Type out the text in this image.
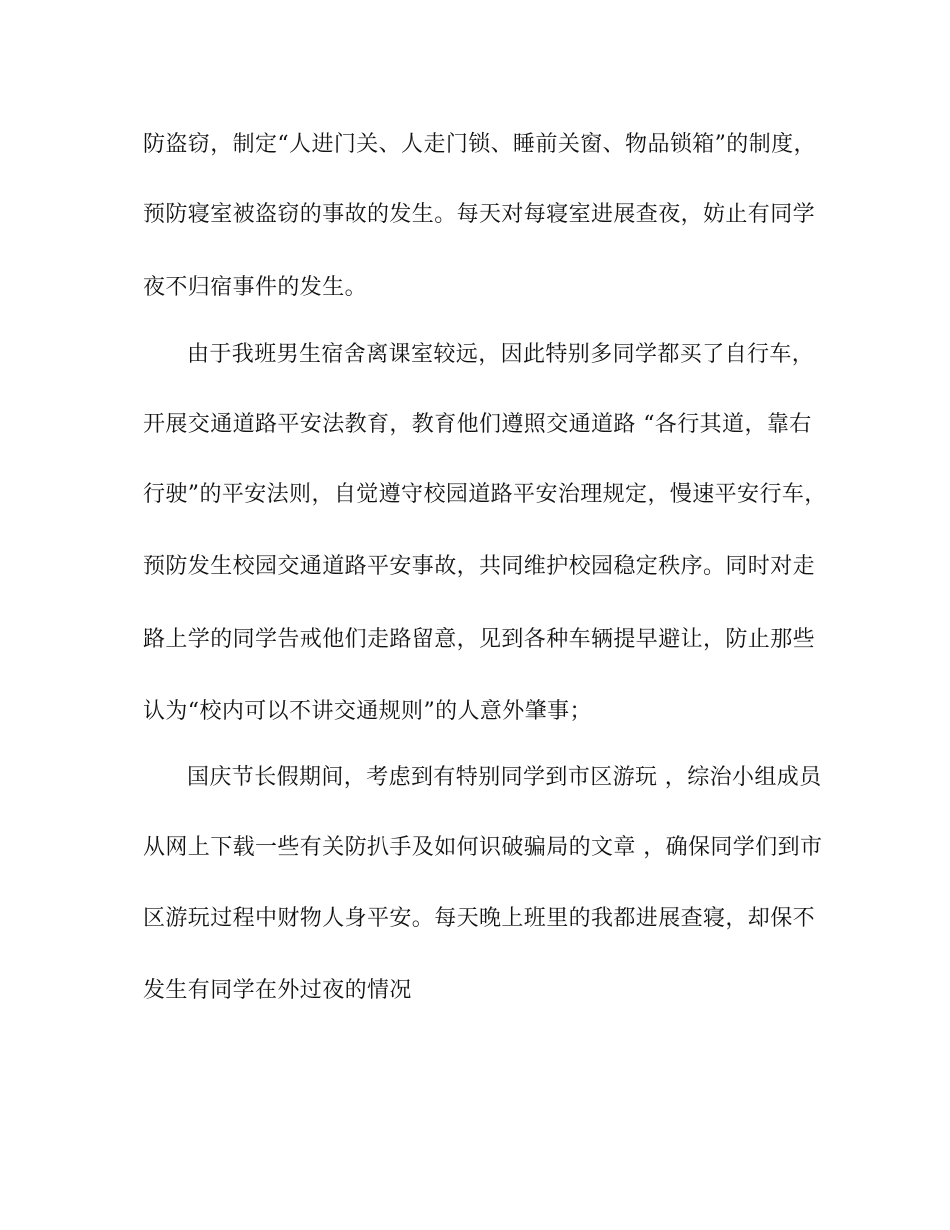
防盗窃，制定“人进门关、人走门锁、睡前关窗、物品锁箱”的制度，
预防寝室被盗窃的事故的发生。每天对每寝室进展查夜，妨止有同学
夜不归宿事件的发生。
由于我班男生宿舍离课室较远，因此特别多同学都买了自行车，
开展交通道路平安法教育，教育他们遵照交通道路 “各行其道，靠右
行驶”的平安法则，自觉遵守校园道路平安治理规定，慢速平安行车，
预防发生校园交通道路平安事故，共同维护校园稳定秩序。同时对走
路上学的同学告戒他们走路留意，见到各种车辆提早避让，防止那些
认为“校内可以不讲交通规则”的人意外肇事；
国庆节长假期间，考虑到有特别同学到市区游玩 ，综治小组成员
从网上下载一些有关防扒手及如何识破骗局的文章 ，确保同学们到市
区游玩过程中财物人身平安。每天晚上班里的我都进展查寝，却保不
发生有同学在外过夜的情况
